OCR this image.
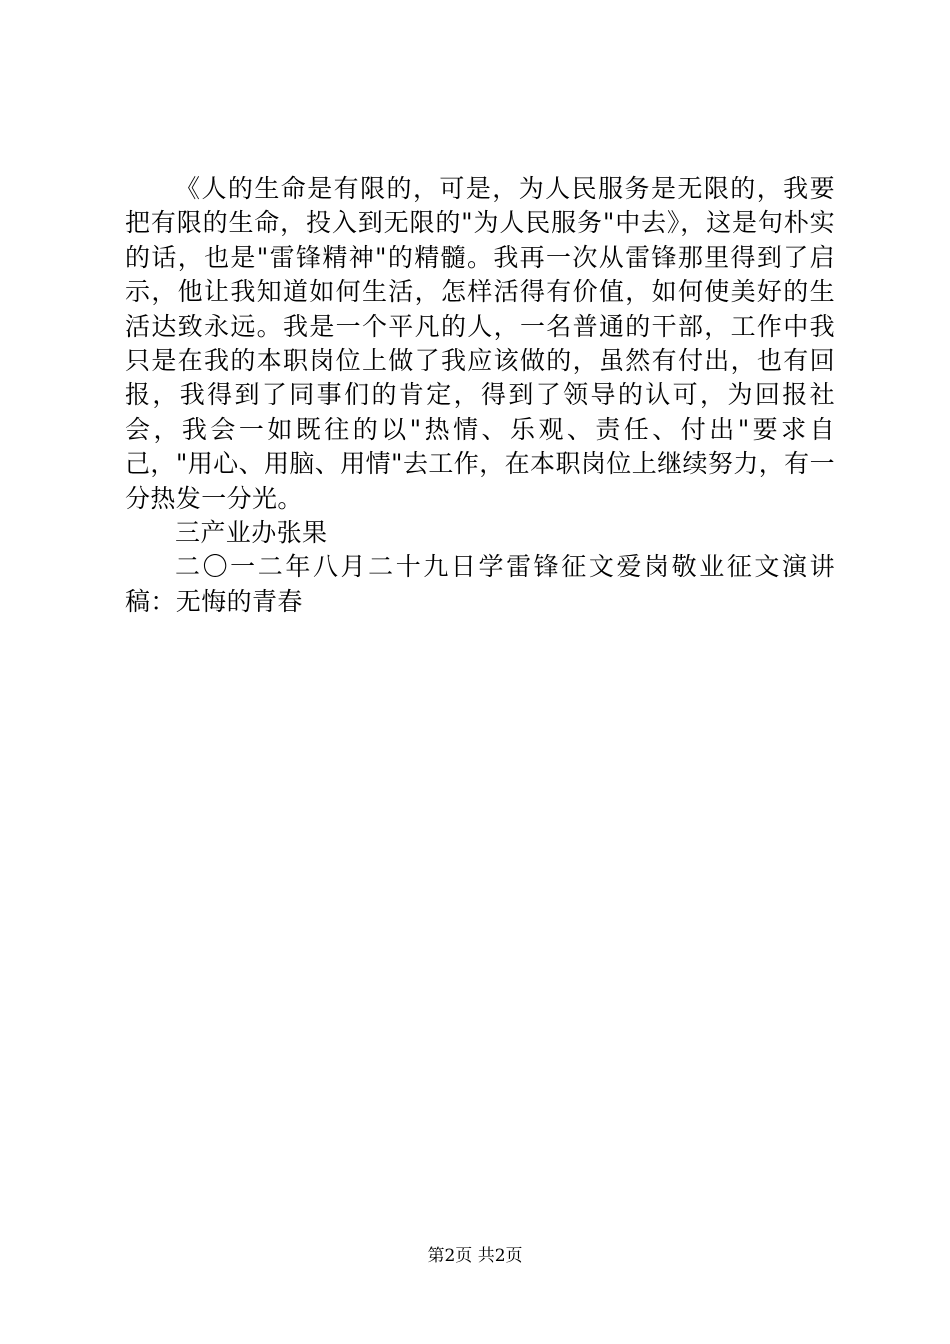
《人的生命是有限的，可是，为人民服务是无限的，我要把有限的生命，投入到无限的"为人民服务"中去》，这是句朴实的话，也是"雷锋精神"的精髓。我再一次从雷锋那里得到了启示，他让我知道如何生活，怎样活得有价值，如何使美好的生活达致永远。我是一个平凡的人，一名普通的干部，工作中我只是在我的本职岗位上做了我应该做的，虽然有付出，也有回报，我得到了同事们的肯定，得到了领导的认可，为回报社会，我会一如既往的以"热情、乐观、责任、付出"要求自己，"用心、用脑、用情"去工作，在本职岗位上继续努力，有一分热发一分光。

三产业办张果

二〇一二年八月二十九日学雷锋征文爱岗敬业征文演讲稿：无悔的青春

第2页 共2页
